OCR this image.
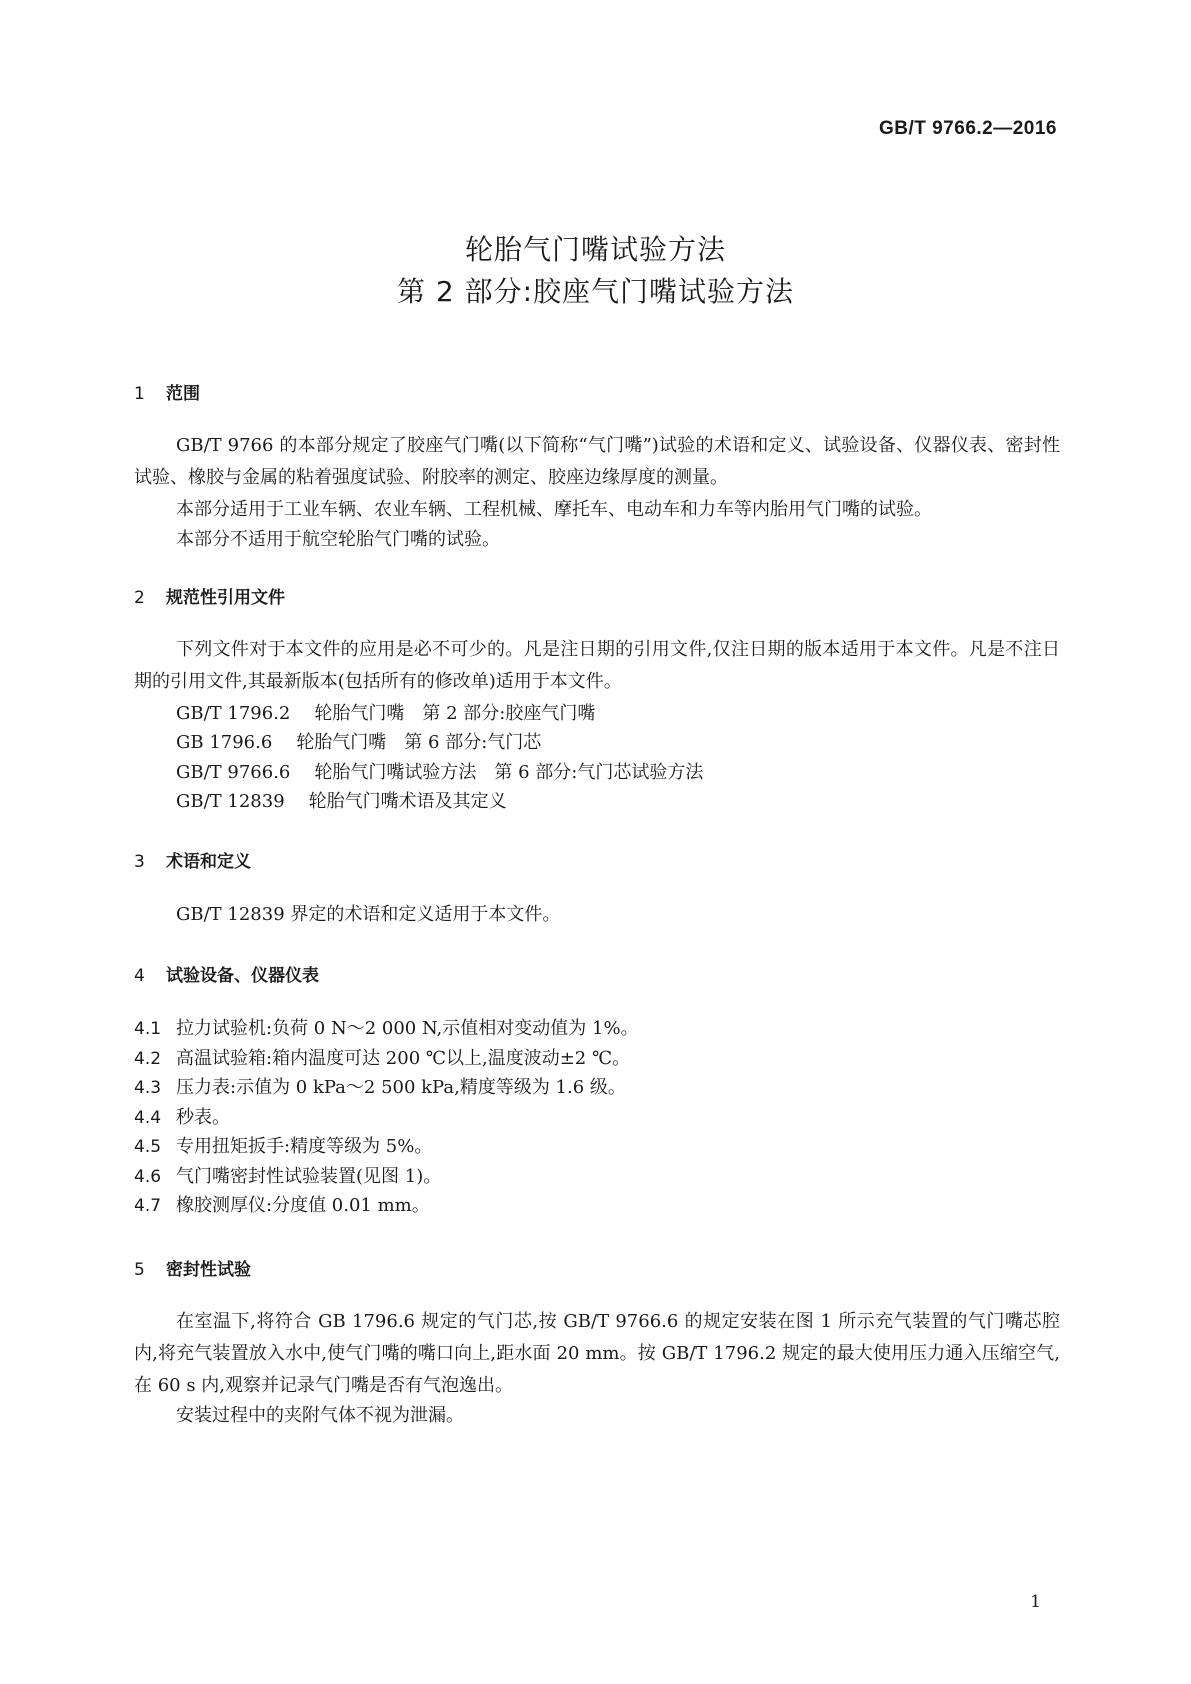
GB/T 9766.2—2016
轮胎气门嘴试验方法
第 2 部分:胶座气门嘴试验方法
1 范围
GB/T 9766 的本部分规定了胶座气门嘴(以下简称“气门嘴”)试验的术语和定义、试验设备、仪器仪表、密封性试验、橡胶与金属的粘着强度试验、附胶率的测定、胶座边缘厚度的测量。
本部分适用于工业车辆、农业车辆、工程机械、摩托车、电动车和力车等内胎用气门嘴的试验。
本部分不适用于航空轮胎气门嘴的试验。
2 规范性引用文件
下列文件对于本文件的应用是必不可少的。凡是注日期的引用文件,仅注日期的版本适用于本文件。凡是不注日期的引用文件,其最新版本(包括所有的修改单)适用于本文件。
GB/T 1796.2 轮胎气门嘴　第 2 部分:胶座气门嘴
GB 1796.6 轮胎气门嘴　第 6 部分:气门芯
GB/T 9766.6 轮胎气门嘴试验方法　第 6 部分:气门芯试验方法
GB/T 12839 轮胎气门嘴术语及其定义
3 术语和定义
GB/T 12839 界定的术语和定义适用于本文件。
4 试验设备、仪器仪表
4.1 拉力试验机:负荷 0 N～2 000 N,示值相对变动值为 1%。
4.2 高温试验箱:箱内温度可达 200 ℃以上,温度波动±2 ℃。
4.3 压力表:示值为 0 kPa～2 500 kPa,精度等级为 1.6 级。
4.4 秒表。
4.5 专用扭矩扳手:精度等级为 5%。
4.6 气门嘴密封性试验装置(见图 1)。
4.7 橡胶测厚仪:分度值 0.01 mm。
5 密封性试验
在室温下,将符合 GB 1796.6 规定的气门芯,按 GB/T 9766.6 的规定安装在图 1 所示充气装置的气门嘴芯腔内,将充气装置放入水中,使气门嘴的嘴口向上,距水面 20 mm。按 GB/T 1796.2 规定的最大使用压力通入压缩空气,在 60 s 内,观察并记录气门嘴是否有气泡逸出。
安装过程中的夹附气体不视为泄漏。
1
